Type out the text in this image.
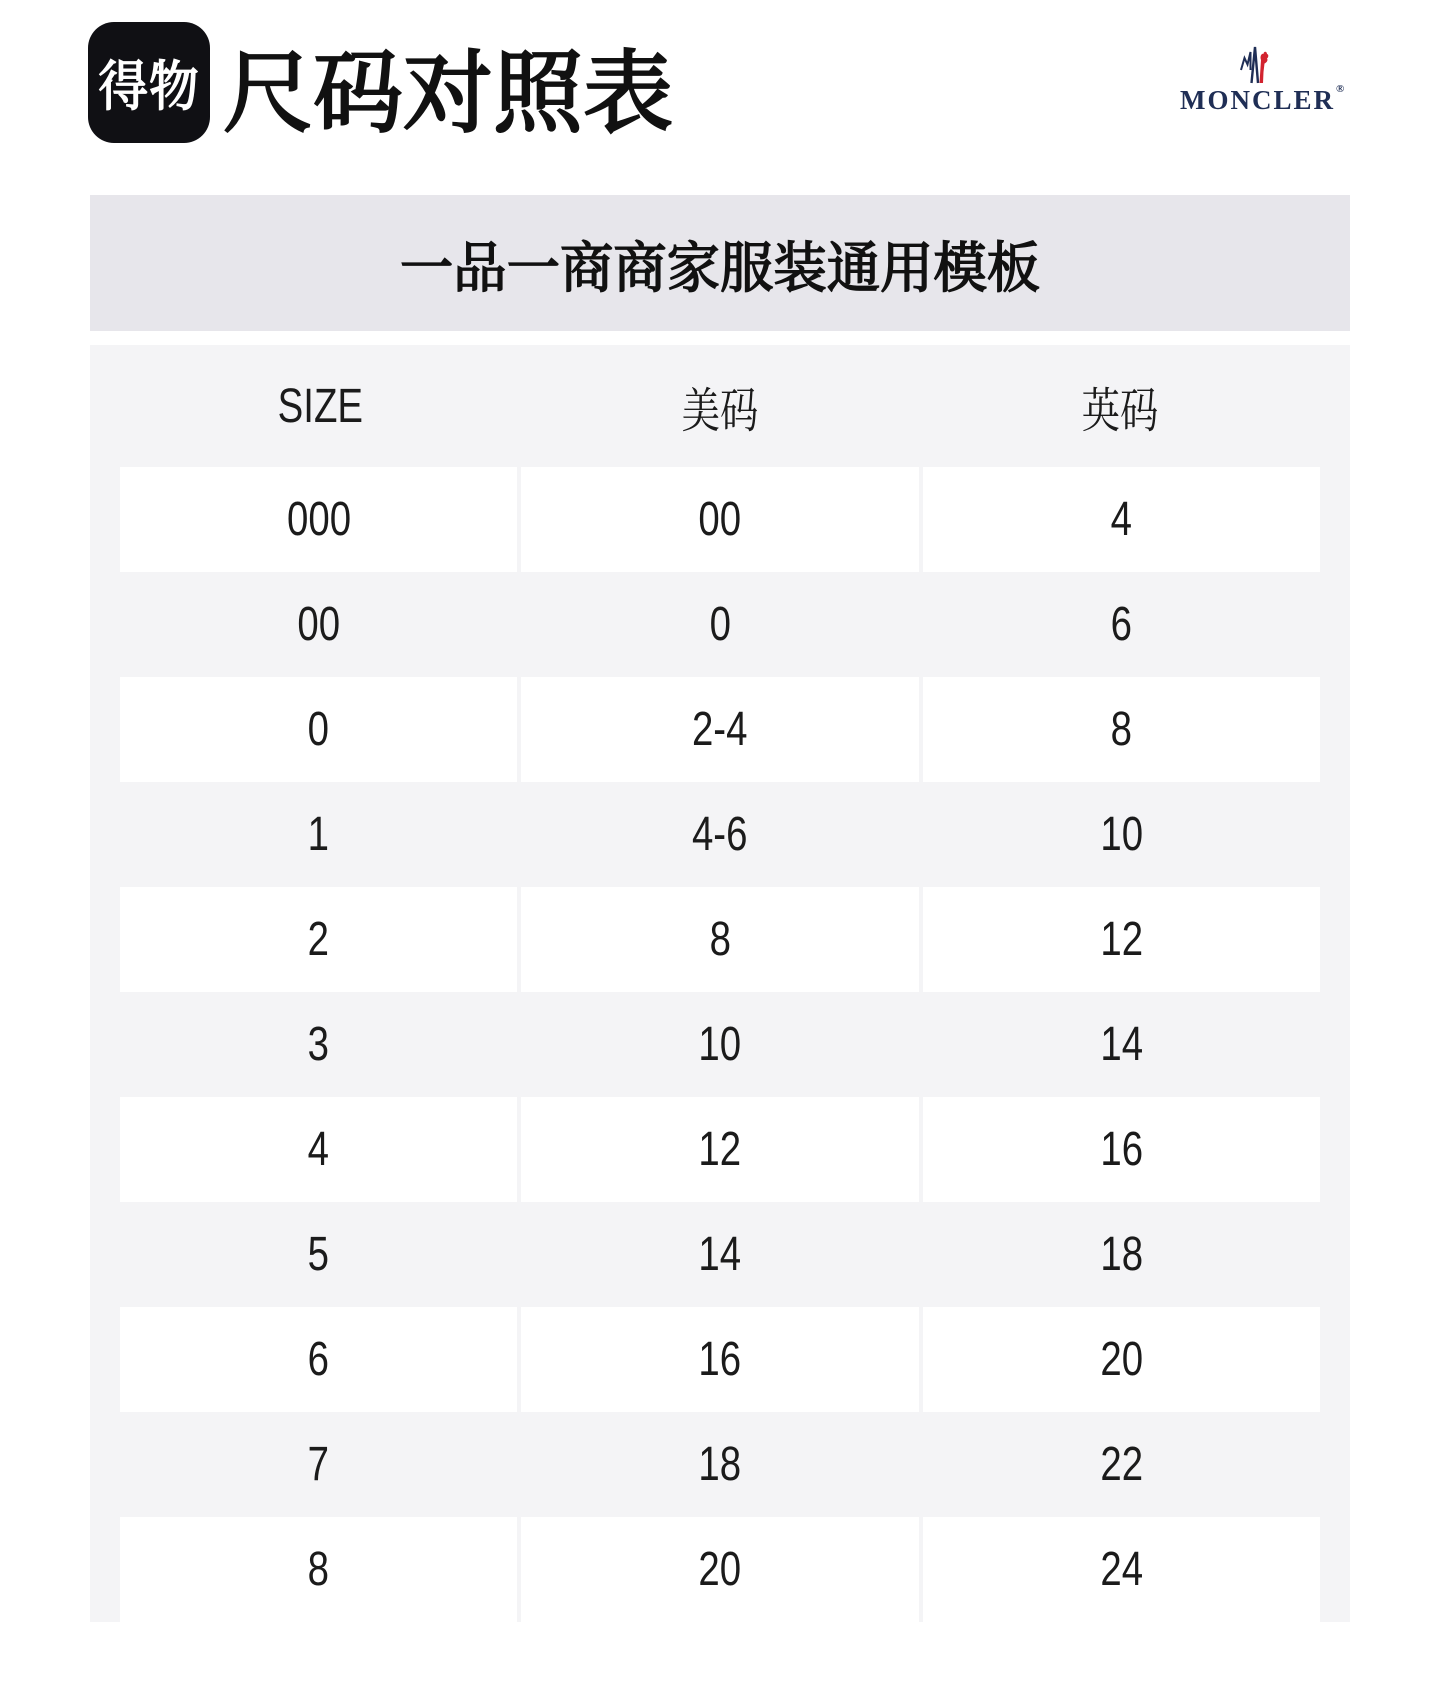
得物 尺码对照表	MONCLER®
一品一商商家服装通用模板
SIZE	美码	英码
000	00	4
00	0	6
0	2-4	8
1	4-6	10
2	8	12
3	10	14
4	12	16
5	14	18
6	16	20
7	18	22
8	20	24
